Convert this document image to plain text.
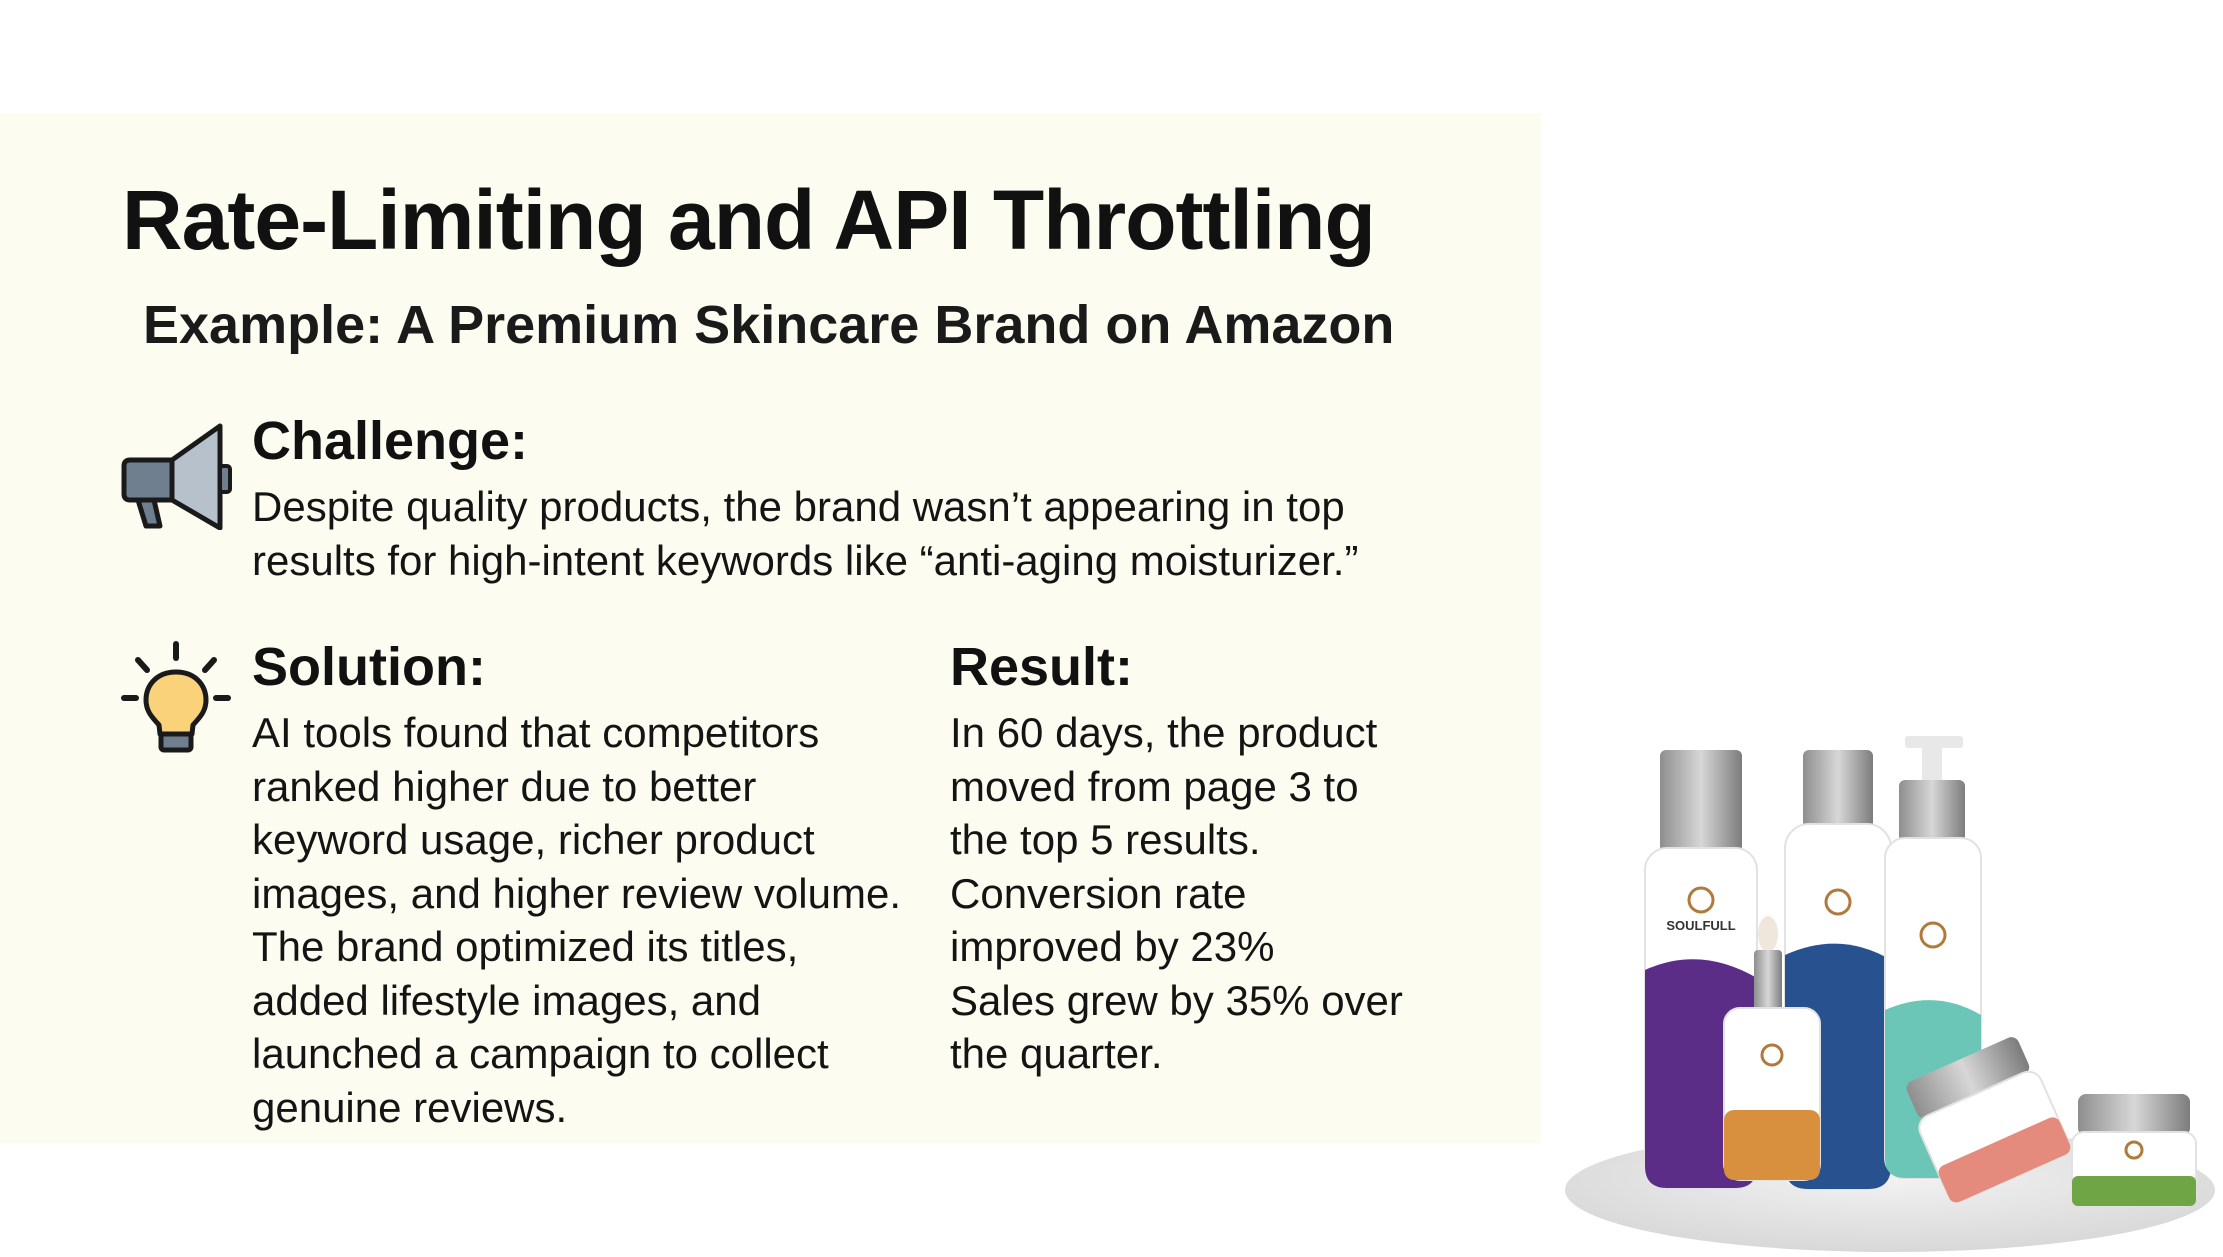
Rate-Limiting and API Throttling
Example: A Premium Skincare Brand on Amazon
Challenge:
Despite quality products, the brand wasn’t appearing in top
results for high-intent keywords like “anti-aging moisturizer.”
Solution:
AI tools found that competitors
ranked higher due to better
keyword usage, richer product
images, and higher review volume.
The brand optimized its titles,
added lifestyle images, and
launched a campaign to collect
genuine reviews.
Result:
In 60 days, the product
moved from page 3 to
the top 5 results.
Conversion rate
improved by 23%
Sales grew by 35% over
the quarter.
SOULFULL
